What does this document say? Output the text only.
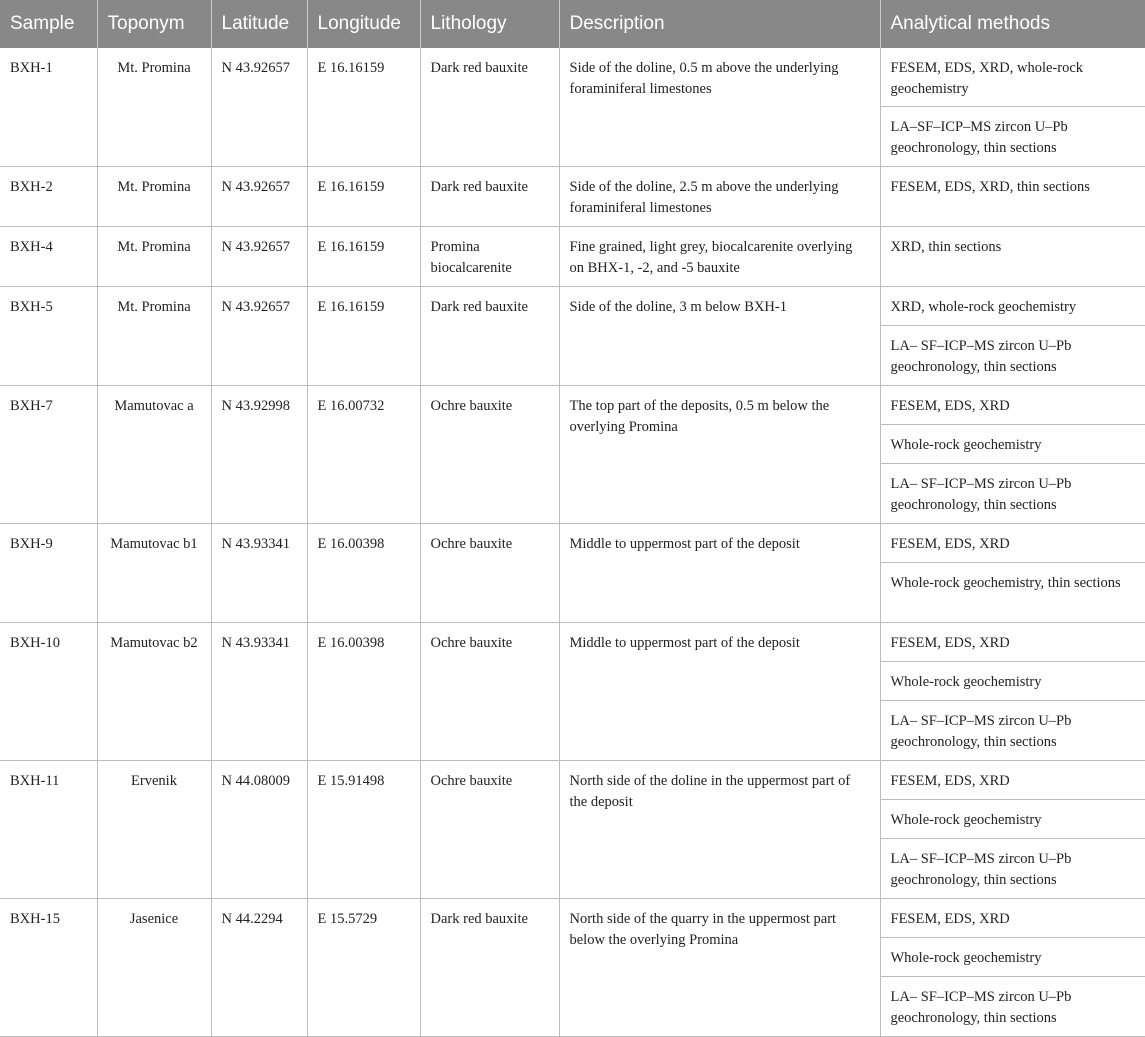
Sample	Toponym	Latitude	Longitude	Lithology	Description	Analytical methods
BXH-1	Mt. Promina	N 43.92657	E 16.16159	Dark red bauxite	Side of the doline, 0.5 m above the underlying foraminiferal limestones	FESEM, EDS, XRD, whole-rock geochemistry
LA–SF–ICP–MS zircon U–Pb geochronology, thin sections

BXH-2	Mt. Promina	N 43.92657	E 16.16159	Dark red bauxite	Side of the doline, 2.5 m above the underlying foraminiferal limestones	FESEM, EDS, XRD, thin sections

BXH-4	Mt. Promina	N 43.92657	E 16.16159	Promina biocalcarenite	Fine grained, light grey, biocalcarenite overlying on BHX-1, -2, and -5 bauxite	XRD, thin sections

BXH-5	Mt. Promina	N 43.92657	E 16.16159	Dark red bauxite	Side of the doline, 3 m below BXH-1	XRD, whole-rock geochemistry
LA– SF–ICP–MS zircon U–Pb geochronology, thin sections

BXH-7	Mamutovac a	N 43.92998	E 16.00732	Ochre bauxite	The top part of the deposits, 0.5 m below the overlying Promina	FESEM, EDS, XRD
Whole-rock geochemistry
LA– SF–ICP–MS zircon U–Pb geochronology, thin sections

BXH-9	Mamutovac b1	N 43.93341	E 16.00398	Ochre bauxite	Middle to uppermost part of the deposit	FESEM, EDS, XRD
Whole-rock geochemistry, thin sections

BXH-10	Mamutovac b2	N 43.93341	E 16.00398	Ochre bauxite	Middle to uppermost part of the deposit	FESEM, EDS, XRD
Whole-rock geochemistry
LA– SF–ICP–MS zircon U–Pb geochronology, thin sections

BXH-11	Ervenik	N 44.08009	E 15.91498	Ochre bauxite	North side of the doline in the uppermost part of the deposit	FESEM, EDS, XRD
Whole-rock geochemistry
LA– SF–ICP–MS zircon U–Pb geochronology, thin sections

BXH-15	Jasenice	N 44.2294	E 15.5729	Dark red bauxite	North side of the quarry in the uppermost part below the overlying Promina	FESEM, EDS, XRD
Whole-rock geochemistry
LA– SF–ICP–MS zircon U–Pb geochronology, thin sections
